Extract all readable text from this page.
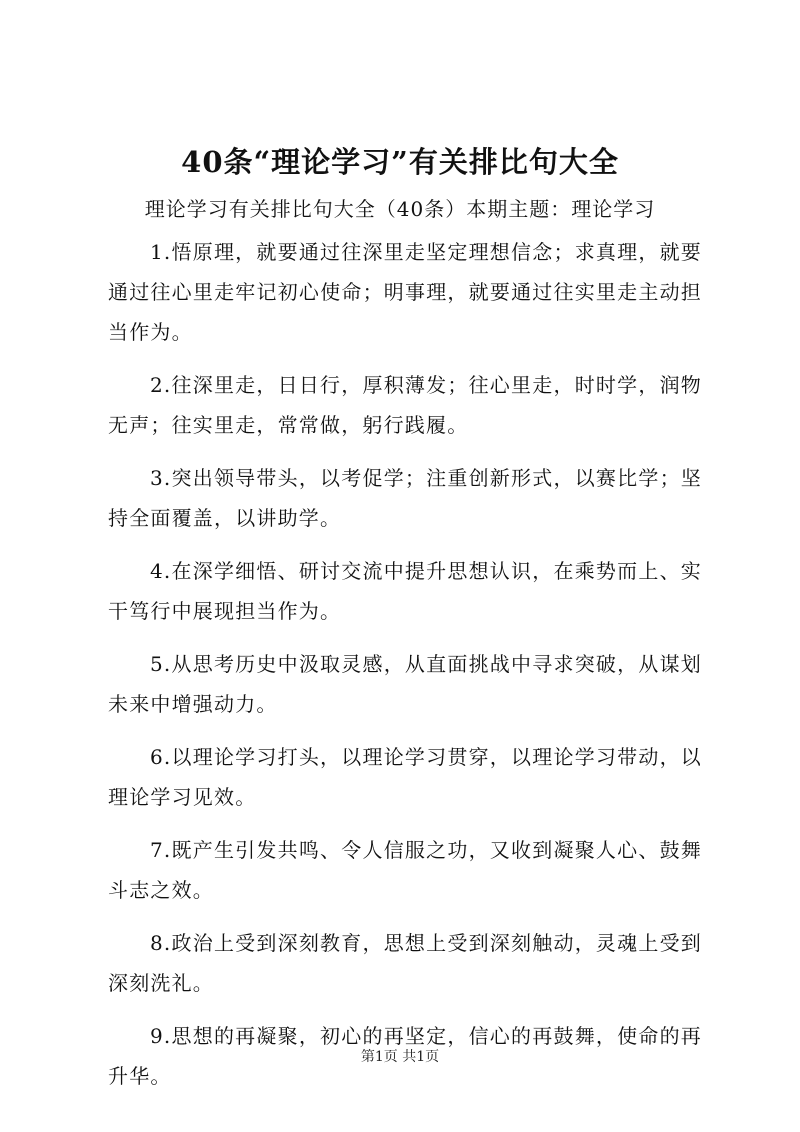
40条“理论学习”有关排比句大全

理论学习有关排比句大全（40条）本期主题：理论学习

1.悟原理，就要通过往深里走坚定理想信念；求真理，就要通过往心里走牢记初心使命；明事理，就要通过往实里走主动担当作为。

2.往深里走，日日行，厚积薄发；往心里走，时时学，润物无声；往实里走，常常做，躬行践履。

3.突出领导带头，以考促学；注重创新形式，以赛比学；坚持全面覆盖，以讲助学。

4.在深学细悟、研讨交流中提升思想认识，在乘势而上、实干笃行中展现担当作为。

5.从思考历史中汲取灵感，从直面挑战中寻求突破，从谋划未来中增强动力。

6.以理论学习打头，以理论学习贯穿，以理论学习带动，以理论学习见效。

7.既产生引发共鸣、令人信服之功，又收到凝聚人心、鼓舞斗志之效。

8.政治上受到深刻教育，思想上受到深刻触动，灵魂上受到深刻洗礼。

9.思想的再凝聚，初心的再坚定，信心的再鼓舞，使命的再升华。

第1页 共1页
